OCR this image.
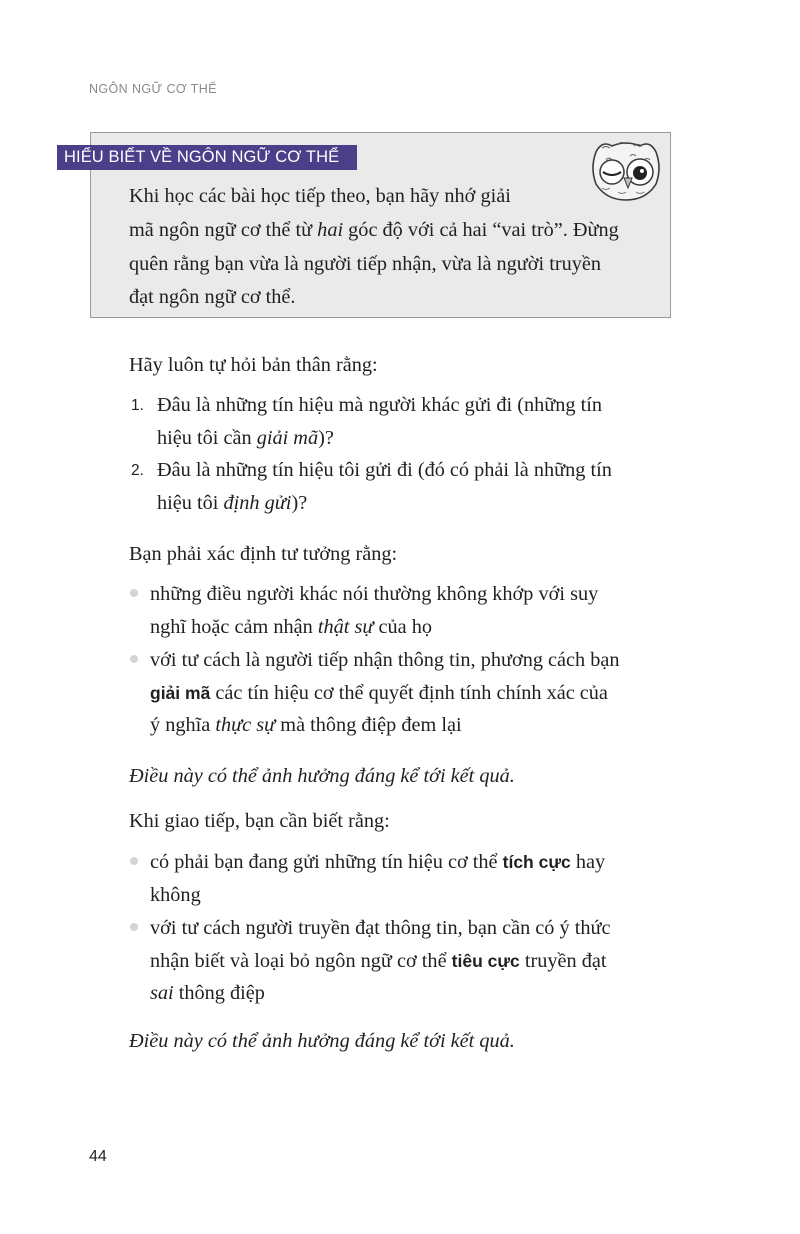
NGÔN NGỮ CƠ THỂ
HIỂU BIẾT VỀ NGÔN NGỮ CƠ THỂ

Khi học các bài học tiếp theo, bạn hãy nhớ giải
mã ngôn ngữ cơ thể từ hai góc độ với cả hai “vai trò”. Đừng
quên rằng bạn vừa là người tiếp nhận, vừa là người truyền
đạt ngôn ngữ cơ thể.

Hãy luôn tự hỏi bản thân rằng:

1. Đâu là những tín hiệu mà người khác gửi đi (những tín
hiệu tôi cần giải mã)?

2. Đâu là những tín hiệu tôi gửi đi (đó có phải là những tín
hiệu tôi định gửi)?

Bạn phải xác định tư tưởng rằng:

những điều người khác nói thường không khớp với suy
nghĩ hoặc cảm nhận thật sự của họ

với tư cách là người tiếp nhận thông tin, phương cách bạn
giải mã các tín hiệu cơ thể quyết định tính chính xác của
ý nghĩa thực sự mà thông điệp đem lại

Điều này có thể ảnh hưởng đáng kể tới kết quả.

Khi giao tiếp, bạn cần biết rằng:

có phải bạn đang gửi những tín hiệu cơ thể tích cực hay
không

với tư cách người truyền đạt thông tin, bạn cần có ý thức
nhận biết và loại bỏ ngôn ngữ cơ thể tiêu cực truyền đạt
sai thông điệp

Điều này có thể ảnh hưởng đáng kể tới kết quả.

44
